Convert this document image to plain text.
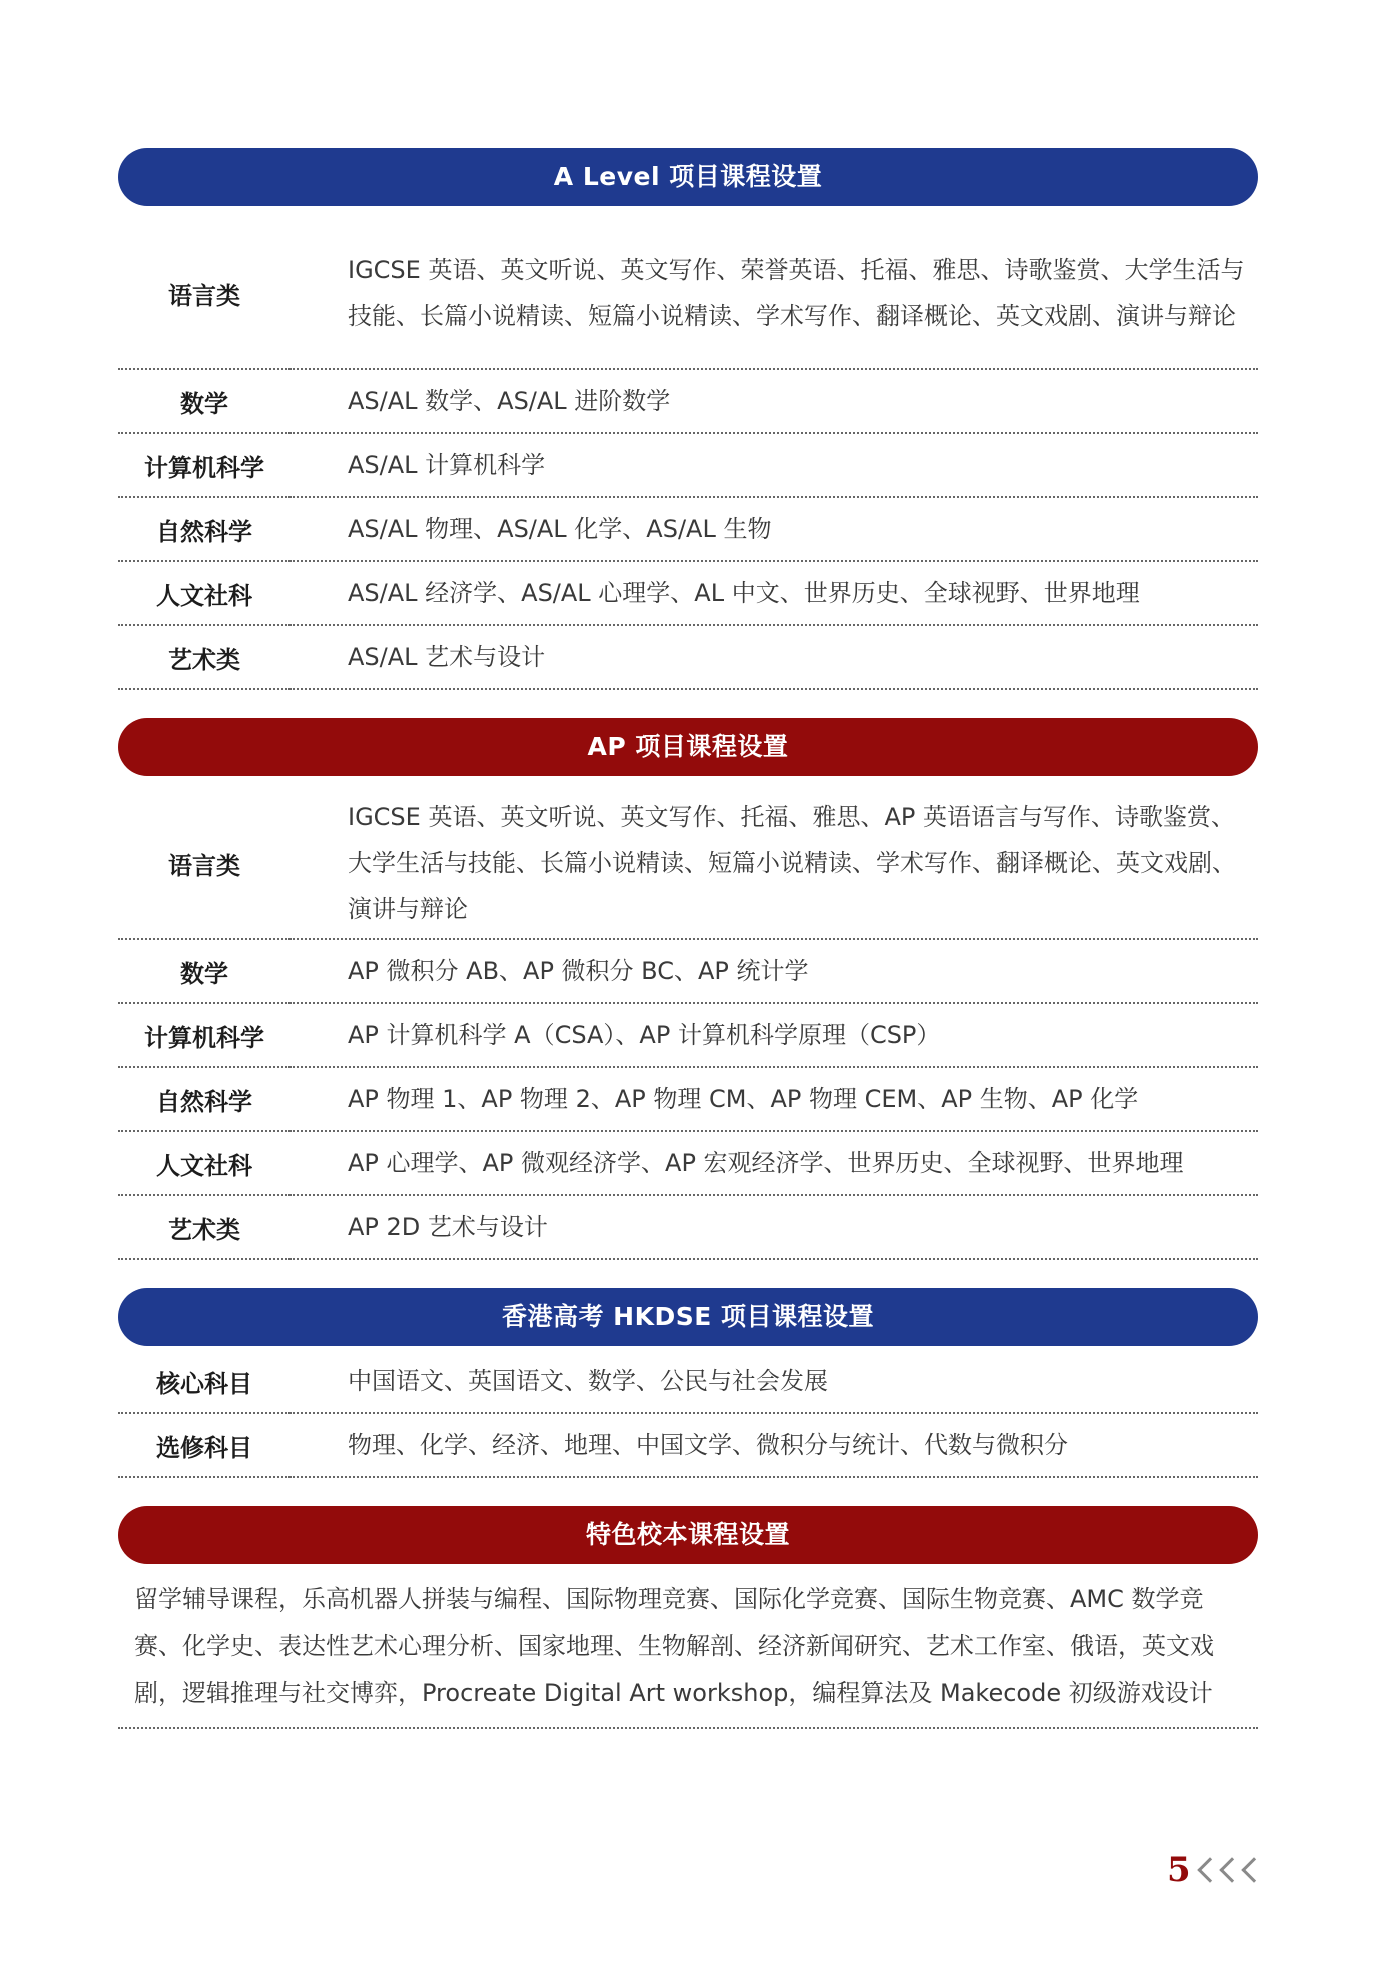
A Level 项目课程设置
语言类	IGCSE 英语、英文听说、英文写作、荣誉英语、托福、雅思、诗歌鉴赏、大学生活与技能、长篇小说精读、短篇小说精读、学术写作、翻译概论、英文戏剧、演讲与辩论
数学	AS/AL 数学、AS/AL 进阶数学
计算机科学	AS/AL 计算机科学
自然科学	AS/AL 物理、AS/AL 化学、AS/AL 生物
人文社科	AS/AL 经济学、AS/AL 心理学、AL 中文、世界历史、全球视野、世界地理
艺术类	AS/AL 艺术与设计
AP 项目课程设置
语言类	IGCSE 英语、英文听说、英文写作、托福、雅思、AP 英语语言与写作、诗歌鉴赏、大学生活与技能、长篇小说精读、短篇小说精读、学术写作、翻译概论、英文戏剧、演讲与辩论
数学	AP 微积分 AB、AP 微积分 BC、AP 统计学
计算机科学	AP 计算机科学 A（CSA）、AP 计算机科学原理（CSP）
自然科学	AP 物理 1、AP 物理 2、AP 物理 CM、AP 物理 CEM、AP 生物、AP 化学
人文社科	AP 心理学、AP 微观经济学、AP 宏观经济学、世界历史、全球视野、世界地理
艺术类	AP 2D 艺术与设计
香港高考 HKDSE 项目课程设置
核心科目	中国语文、英国语文、数学、公民与社会发展
选修科目	物理、化学、经济、地理、中国文学、微积分与统计、代数与微积分
特色校本课程设置
留学辅导课程，乐高机器人拼装与编程、国际物理竞赛、国际化学竞赛、国际生物竞赛、AMC 数学竞赛、化学史、表达性艺术心理分析、国家地理、生物解剖、经济新闻研究、艺术工作室、俄语，英文戏剧，逻辑推理与社交博弈，Procreate Digital Art workshop，编程算法及 Makecode 初级游戏设计
5
